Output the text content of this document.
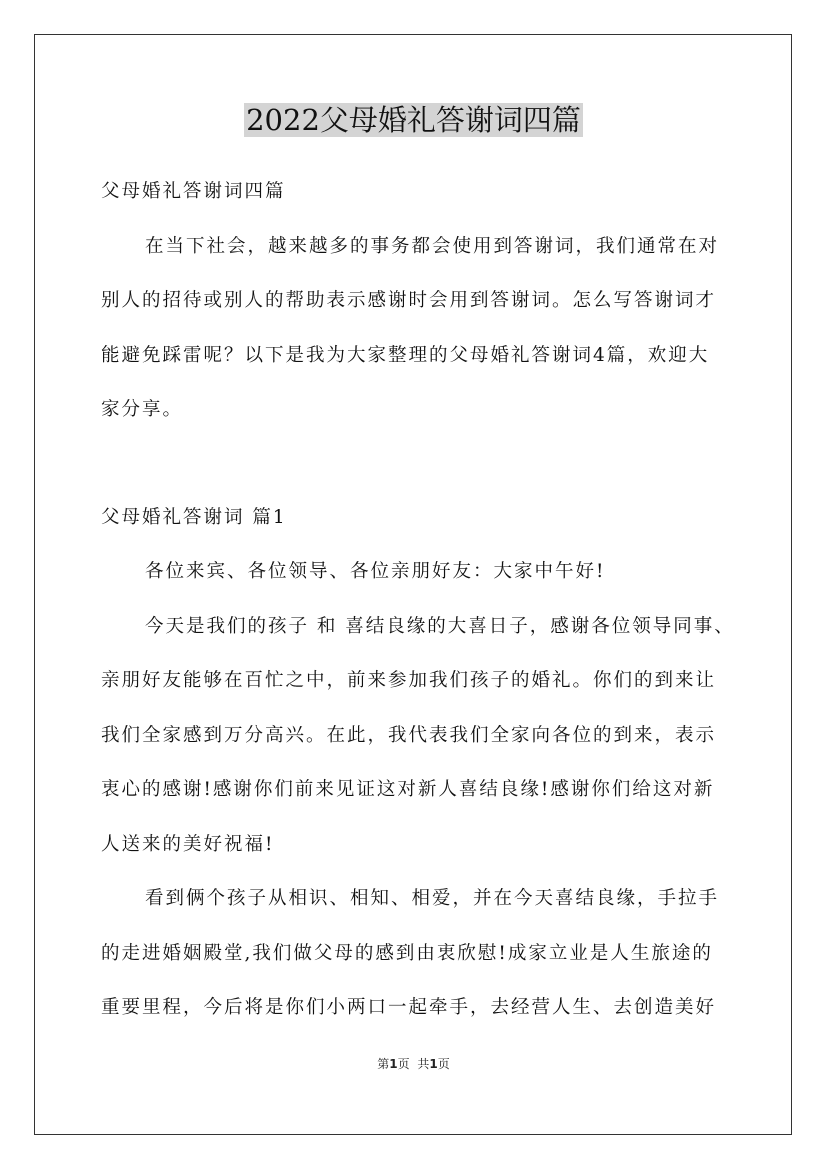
2022父母婚礼答谢词四篇
父母婚礼答谢词四篇
在当下社会，越来越多的事务都会使用到答谢词，我们通常在对
别人的招待或别人的帮助表示感谢时会用到答谢词。怎么写答谢词才
能避免踩雷呢？以下是我为大家整理的父母婚礼答谢词4篇，欢迎大
家分享。
父母婚礼答谢词 篇1
各位来宾、各位领导、各位亲朋好友：大家中午好!
今天是我们的孩子 和 喜结良缘的大喜日子，感谢各位领导同事、
亲朋好友能够在百忙之中，前来参加我们孩子的婚礼。你们的到来让
我们全家感到万分高兴。在此，我代表我们全家向各位的到来，表示
衷心的感谢!感谢你们前来见证这对新人喜结良缘!感谢你们给这对新
人送来的美好祝福!
看到俩个孩子从相识、相知、相爱，并在今天喜结良缘，手拉手
的走进婚姻殿堂,我们做父母的感到由衷欣慰!成家立业是人生旅途的
重要里程，今后将是你们小两口一起牵手，去经营人生、去创造美好
第1页 共1页
